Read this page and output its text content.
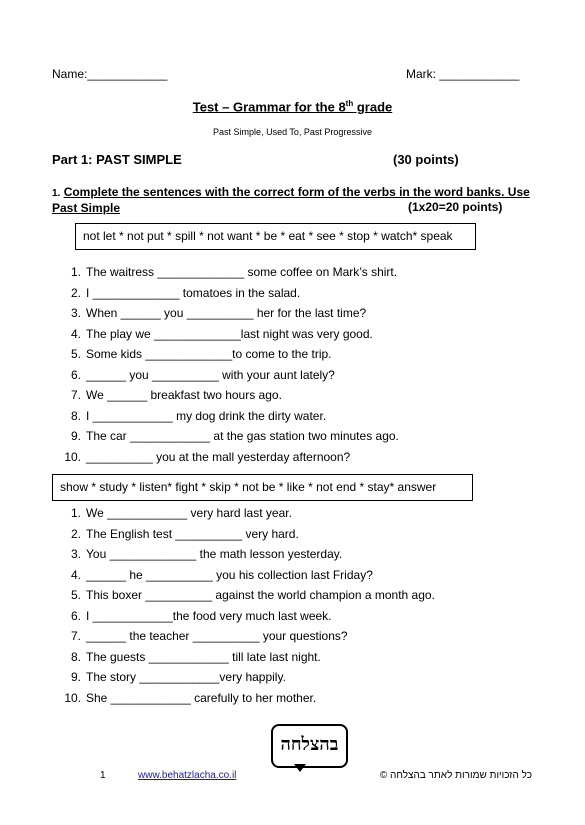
Name:____________	Mark: ____________
Test – Grammar for the 8th grade
Past Simple, Used To, Past Progressive
Part 1: PAST SIMPLE	(30 points)
1. Complete the sentences with the correct form of the verbs in the word banks. Use Past Simple	(1x20=20 points)
not let * not put * spill * not want * be * eat * see * stop * watch* speak
1. The waitress _____________ some coffee on Mark’s shirt.
2. I _____________ tomatoes in the salad.
3. When ______ you __________ her for the last time?
4. The play we _____________last night was very good.
5. Some kids _____________to come to the trip.
6. ______ you __________ with your aunt lately?
7. We ______ breakfast two hours ago.
8. I ____________ my dog drink the dirty water.
9. The car ____________ at the gas station two minutes ago.
10. __________ you at the mall yesterday afternoon?
show * study * listen* fight * skip * not be * like * not end * stay* answer
1. We ____________ very hard last year.
2. The English test __________ very hard.
3. You _____________ the math lesson yesterday.
4. ______ he __________ you his collection last Friday?
5. This boxer __________ against the world champion a month ago.
6. I ____________the food very much last week.
7. ______ the teacher __________ your questions?
8. The guests ____________ till late last night.
9. The story ____________very happily.
10. She ____________ carefully to her mother.
בהצלחה
1	www.behatzlacha.co.il	כל הזכויות שמורות לאתר בהצלחה ©
